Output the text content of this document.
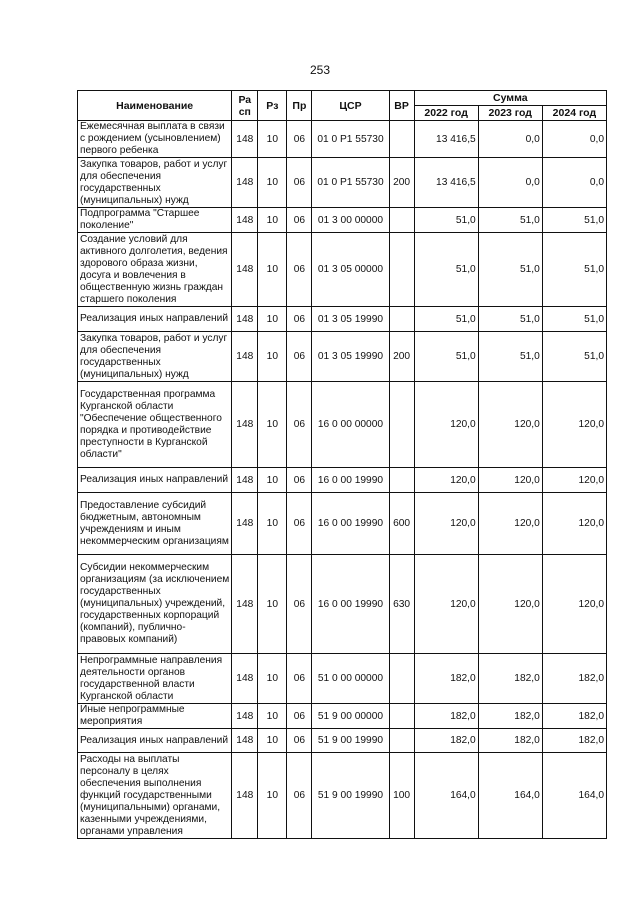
253
Наименование	Ра сп	Рз	Пр	ЦСР	ВР	Сумма		
						2022 год	2023 год	2024 год
Ежемесячная выплата в связи с рождением (усыновлением) первого ребенка	148	10	06	01 0 P1 55730		13 416,5	0,0	0,0
Закупка товаров, работ и услуг для обеспечения государственных (муниципальных) нужд	148	10	06	01 0 P1 55730	200	13 416,5	0,0	0,0
Подпрограмма "Старшее поколение"	148	10	06	01 3 00 00000		51,0	51,0	51,0
Создание условий для активного долголетия, ведения здорового образа жизни, досуга и вовлечения в общественную жизнь граждан старшего поколения	148	10	06	01 3 05 00000		51,0	51,0	51,0
Реализация иных направлений	148	10	06	01 3 05 19990		51,0	51,0	51,0
Закупка товаров, работ и услуг для обеспечения государственных (муниципальных) нужд	148	10	06	01 3 05 19990	200	51,0	51,0	51,0
Государственная программа Курганской области "Обеспечение общественного порядка и противодействие преступности в Курганской области"	148	10	06	16 0 00 00000		120,0	120,0	120,0
Реализация иных направлений	148	10	06	16 0 00 19990		120,0	120,0	120,0
Предоставление субсидий бюджетным, автономным учреждениям и иным некоммерческим организациям	148	10	06	16 0 00 19990	600	120,0	120,0	120,0
Субсидии некоммерческим организациям (за исключением государственных (муниципальных) учреждений, государственных корпораций (компаний), публично-правовых компаний)	148	10	06	16 0 00 19990	630	120,0	120,0	120,0
Непрограммные направления деятельности органов государственной власти Курганской области	148	10	06	51 0 00 00000		182,0	182,0	182,0
Иные непрограммные мероприятия	148	10	06	51 9 00 00000		182,0	182,0	182,0
Реализация иных направлений	148	10	06	51 9 00 19990		182,0	182,0	182,0
Расходы на выплаты персоналу в целях обеспечения выполнения функций государственными (муниципальными) органами, казенными учреждениями, органами управления	148	10	06	51 9 00 19990	100	164,0	164,0	164,0
